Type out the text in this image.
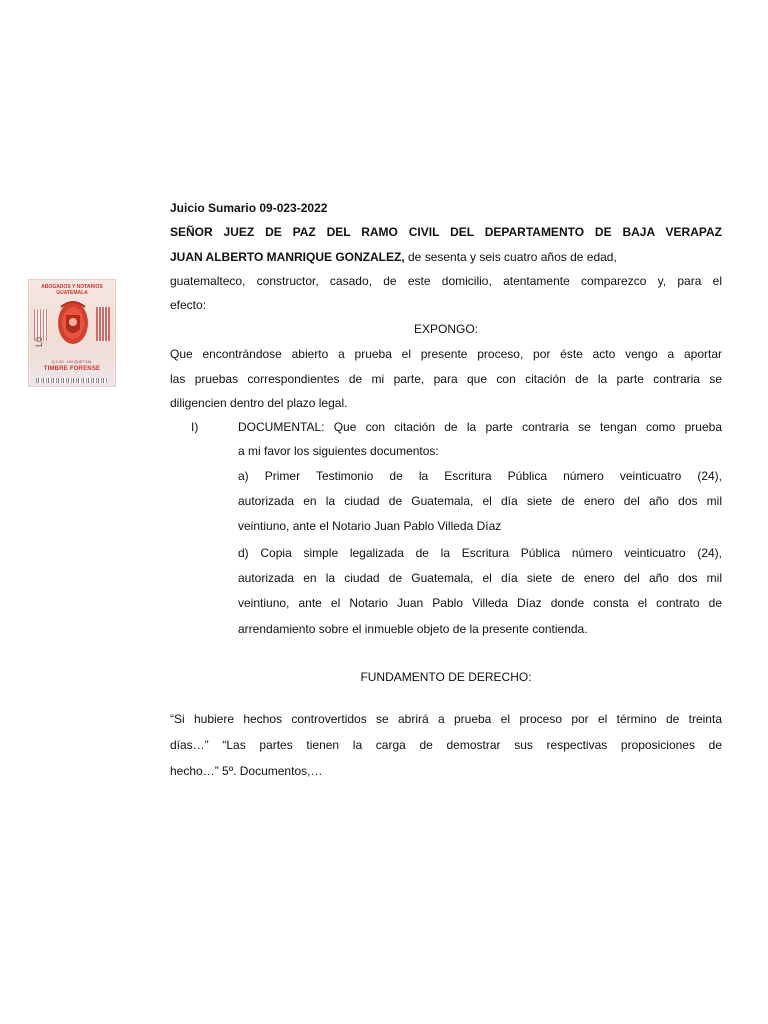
ABOGADOS Y NOTARIOS
GUATEMALA
L0
Q 1.00 · UN QUETZAL
TIMBRE FORENSE
Juicio Sumario 09-023-2022
SEÑOR JUEZ DE PAZ DEL RAMO CIVIL DEL DEPARTAMENTO DE BAJA VERAPAZ
JUAN ALBERTO MANRIQUE GONZALEZ, de sesenta y seis cuatro años de edad,
guatemalteco, constructor, casado, de este domicilio, atentamente comparezco y, para el
efecto:
EXPONGO:
Que encontrándose abierto a prueba el presente proceso, por éste acto vengo a aportar
las pruebas correspondientes de mi parte, para que con citación de la parte contraria se
diligencien dentro del plazo legal.
I)	DOCUMENTAL: Que con citación de la parte contraria se tengan como prueba
a mi favor los siguientes documentos:
a) Primer Testimonio de la Escritura Pública número veinticuatro (24),
autorizada en la ciudad de Guatemala, el día siete de enero del año dos mil
veintiuno, ante el Notario Juan Pablo Villeda Díaz
d) Copia simple legalizada de la Escritura Pública número veinticuatro (24),
autorizada en la ciudad de Guatemala, el día siete de enero del año dos mil
veintiuno, ante el Notario Juan Pablo Villeda Díaz donde consta el contrato de
arrendamiento sobre el inmueble objeto de la presente contienda.
FUNDAMENTO DE DERECHO:
“Si hubiere hechos controvertidos se abrirá a prueba el proceso por el término de treinta
días…” “Las partes tienen la carga de demostrar sus respectivas proposiciones de
hecho…” 5º. Documentos,…
